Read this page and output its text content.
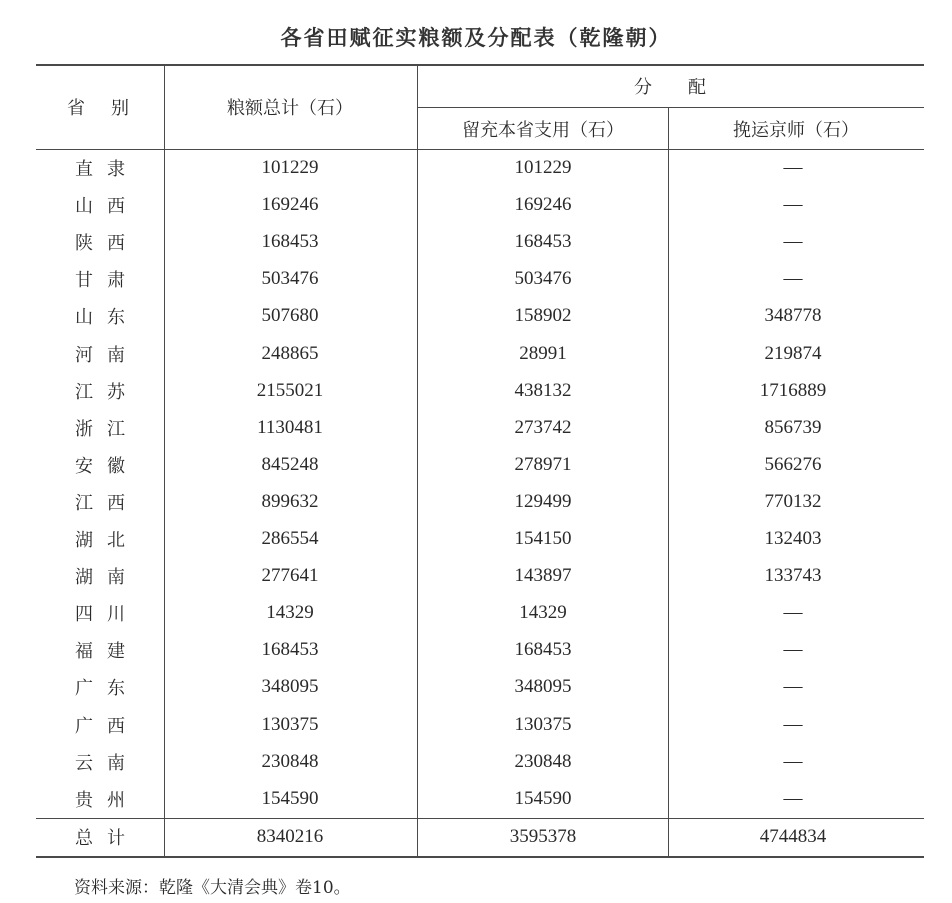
各省田赋征实粮额及分配表（乾隆朝）
省　别	粮额总计（石）
分　　配
留充本省支用（石）	挽运京师（石）
直隶	101229	101229	—
山西	169246	169246	—
陕西	168453	168453	—
甘肃	503476	503476	—
山东	507680	158902	348778
河南	248865	28991	219874
江苏	2155021	438132	1716889
浙江	1130481	273742	856739
安徽	845248	278971	566276
江西	899632	129499	770132
湖北	286554	154150	132403
湖南	277641	143897	133743
四川	14329	14329	—
福建	168453	168453	—
广东	348095	348095	—
广西	130375	130375	—
云南	230848	230848	—
贵州	154590	154590	—
总计	8340216	3595378	4744834
资料来源：乾隆《大清会典》卷10。
